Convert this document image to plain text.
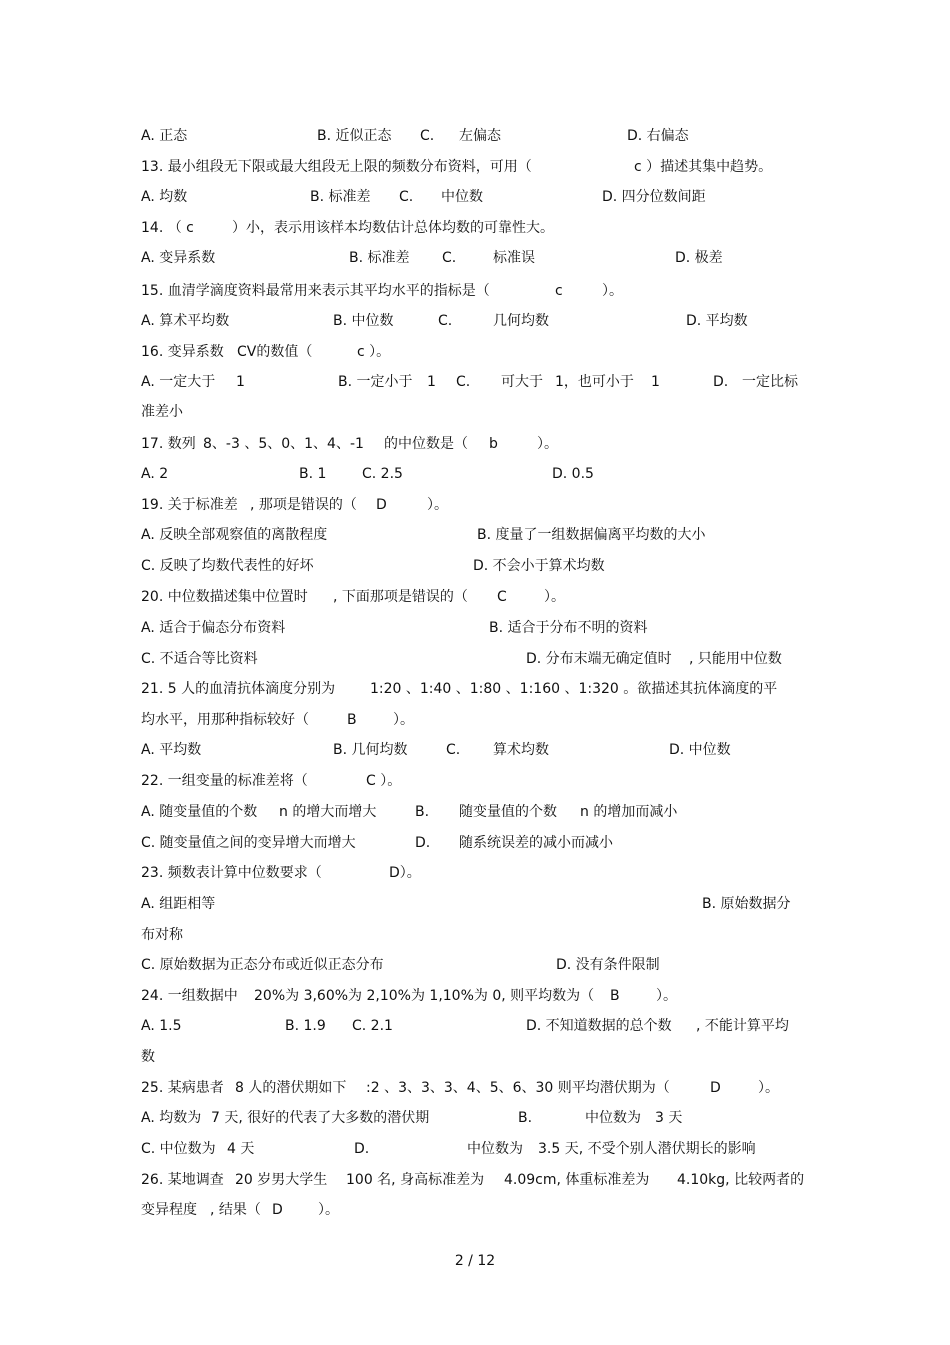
2 / 12
A. 正态	B. 近似正态 C. 左偏态	D. 右偏态
13. 最小组段无下限或最大组段无上限的频数分布资料，可用（	c ）描述其集中趋势。
A. 均数	B. 标准差 C. 中位数	D. 四分位数间距
14. （ c	）小，表示用该样本均数估计总体均数的可靠性大。
A. 变异系数	B. 标准差 C.	标准误	D. 极差
15. 血清学滴度资料最常用来表示其平均水平的指标是（	c	）。
A. 算术平均数	B. 中位数	C.	几何均数	D. 平均数
16. 变异系数 CV的数值（	c ）。
A. 一定大于 1	B. 一定小于 1 C. 可大于 1，也可小于 1	D. 一定比标
准差小
17. 数列 8、-3 、5、0、1、4、-1 的中位数是（ b	）。
A. 2	B. 1	C. 2.5	D. 0.5
19. 关于标准差 , 那项是错误的（ D	）。
A. 反映全部观察值的离散程度	B. 度量了一组数据偏离平均数的大小
C. 反映了均数代表性的好坏	D. 不会小于算术均数
20. 中位数描述集中位置时 , 下面那项是错误的（ C	）。
A. 适合于偏态分布资料	B. 适合于分布不明的资料
C. 不适合等比资料	D. 分布末端无确定值时 , 只能用中位数
21. 5 人的血清抗体滴度分别为 1:20 、1:40 、1:80 、1:160 、1:320 。欲描述其抗体滴度的平
均水平，用那种指标较好（	B	）。
A. 平均数	B. 几何均数	C. 算术均数	D. 中位数
22. 一组变量的标准差将（	C ）。
A. 随变量值的个数 n 的增大而增大	B. 随变量值的个数 n 的增加而减小
C. 随变量值之间的变异增大而增大	D. 随系统误差的减小而减小
23. 频数表计算中位数要求（	D）。
A. 组距相等	B. 原始数据分
布对称
C. 原始数据为正态分布或近似正态分布	D. 没有条件限制
24. 一组数据中 20%为 3,60%为 2,10%为 1,10%为 0, 则平均数为（ B	）。
A. 1.5	B. 1.9 C. 2.1	D. 不知道数据的总个数 , 不能计算平均
数
25. 某病患者 8 人的潜伏期如下 :2 、3、3、3、4、5、6、30 则平均潜伏期为（	D	）。
A. 均数为 7 天, 很好的代表了大多数的潜伏期	B.	中位数为 3 天
C. 中位数为 4 天	D.	中位数为 3.5 天, 不受个别人潜伏期长的影响
26. 某地调查 20 岁男大学生 100 名, 身高标准差为 4.09cm, 体重标准差为 4.10kg, 比较两者的
变异程度 , 结果（ D	）。
